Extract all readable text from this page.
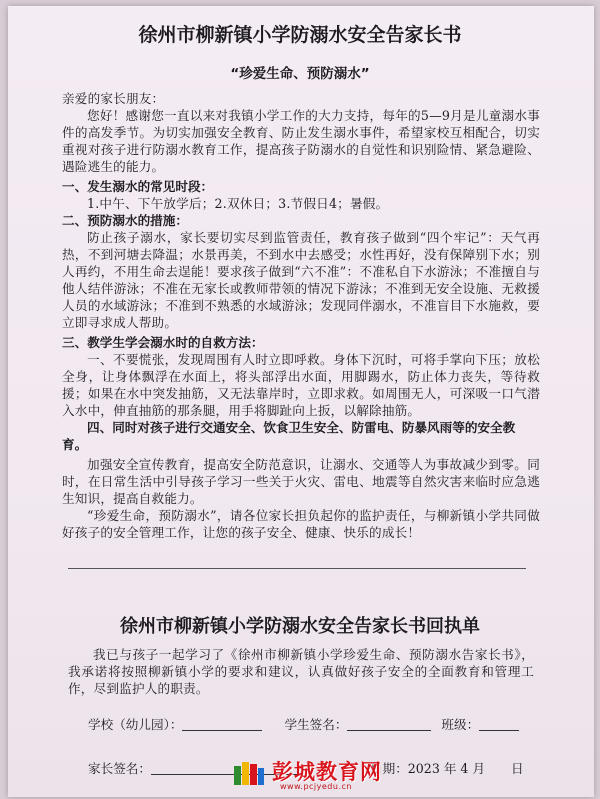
徐州市柳新镇小学防溺水安全告家长书
“珍爱生命、预防溺水”
亲爱的家长朋友：
您好！感谢您一直以来对我镇小学工作的大力支持，每年的5—9月是儿童溺水事件的高发季节。为切实加强安全教育、防止发生溺水事件，希望家校互相配合，切实重视对孩子进行防溺水教育工作，提高孩子防溺水的自觉性和识别险情、紧急避险、遇险逃生的能力。
一、发生溺水的常见时段：
1.中午、下午放学后；2.双休日；3.节假日4；暑假。
二、预防溺水的措施：
防止孩子溺水，家长要切实尽到监管责任，教育孩子做到“四个牢记”：天气再热，不到河塘去降温；水景再美，不到水中去感受；水性再好，没有保障别下水；别人再约，不用生命去逞能！要求孩子做到“六不准”：不准私自下水游泳；不准擅自与他人结伴游泳；不准在无家长或教师带领的情况下游泳；不准到无安全设施、无救援人员的水域游泳；不准到不熟悉的水域游泳；发现同伴溺水，不准盲目下水施救，要立即寻求成人帮助。
三、教学生学会溺水时的自救方法：
一、不要慌张，发现周围有人时立即呼救。身体下沉时，可将手掌向下压；放松全身，让身体飘浮在水面上，将头部浮出水面，用脚踢水，防止体力丧失，等待救援；如果在水中突发抽筋，又无法靠岸时，立即求救。如周围无人，可深吸一口气潜入水中，伸直抽筋的那条腿，用手将脚趾向上扳，以解除抽筋。
四、同时对孩子进行交通安全、饮食卫生安全、防雷电、防暴风雨等的安全教育。
加强安全宣传教育，提高安全防范意识，让溺水、交通等人为事故减少到零。同时，在日常生活中引导孩子学习一些关于火灾、雷电、地震等自然灾害来临时应急逃生知识，提高自救能力。
“珍爱生命，预防溺水”，请各位家长担负起你的监护责任，与柳新镇小学共同做好孩子的安全管理工作，让您的孩子安全、健康、快乐的成长！
徐州市柳新镇小学防溺水安全告家长书回执单
我已与孩子一起学习了《徐州市柳新镇小学珍爱生命、预防溺水告家长书》，我承诺将按照柳新镇小学的要求和建议，认真做好孩子安全的全面教育和管理工作，尽到监护人的职责。
学校（幼儿园）：	学生签名：	班级：
家长签名：	日期：2023 年 4 月 日
彭城教育网
www.pcjyedu.cn
